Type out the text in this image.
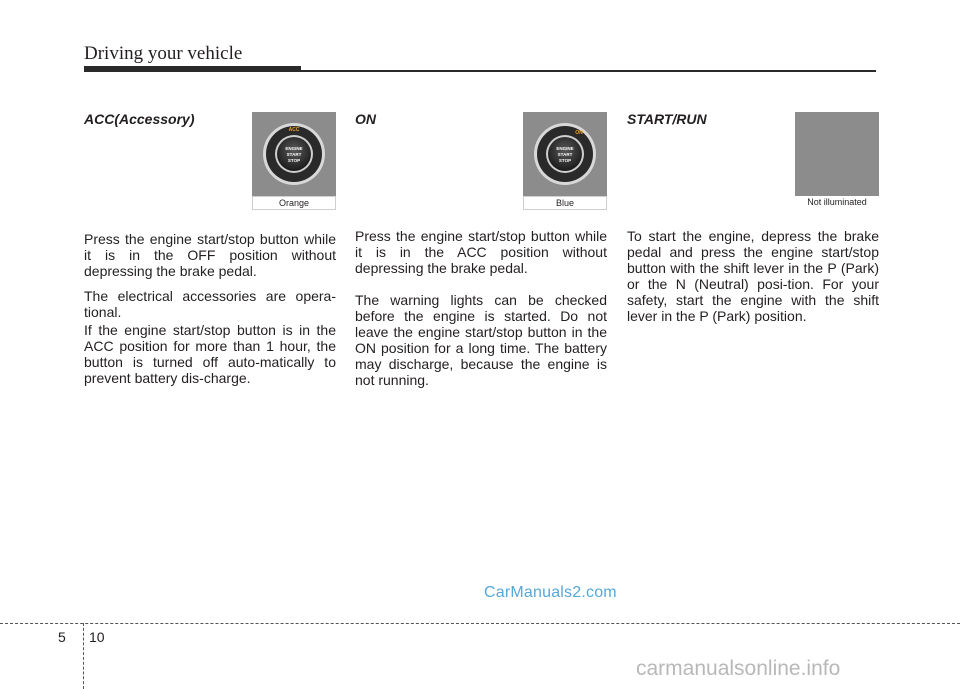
Driving your vehicle
ACC(Accessory)
ACC
ENGINE
START
STOP
Orange

Press the engine start/stop button while it is in the OFF position without depressing the brake pedal.

The electrical accessories are opera-tional.

If the engine start/stop button is in the ACC position for more than 1 hour, the button is turned off auto-matically to prevent battery dis-charge.

ON
ON
ENGINE
START
STOP
Blue

Press the engine start/stop button while it is in the ACC position without depressing the brake pedal.

The warning lights can be checked before the engine is started. Do not leave the engine start/stop button in the ON position for a long time. The battery may discharge, because the engine is not running.

START/RUN
Not illuminated

To start the engine, depress the brake pedal and press the engine start/stop button with the shift lever in the P (Park) or the N (Neutral) posi-tion. For your safety, start the engine with the shift lever in the P (Park) position.

CarManuals2.com
5 10
carmanualsonline.info
